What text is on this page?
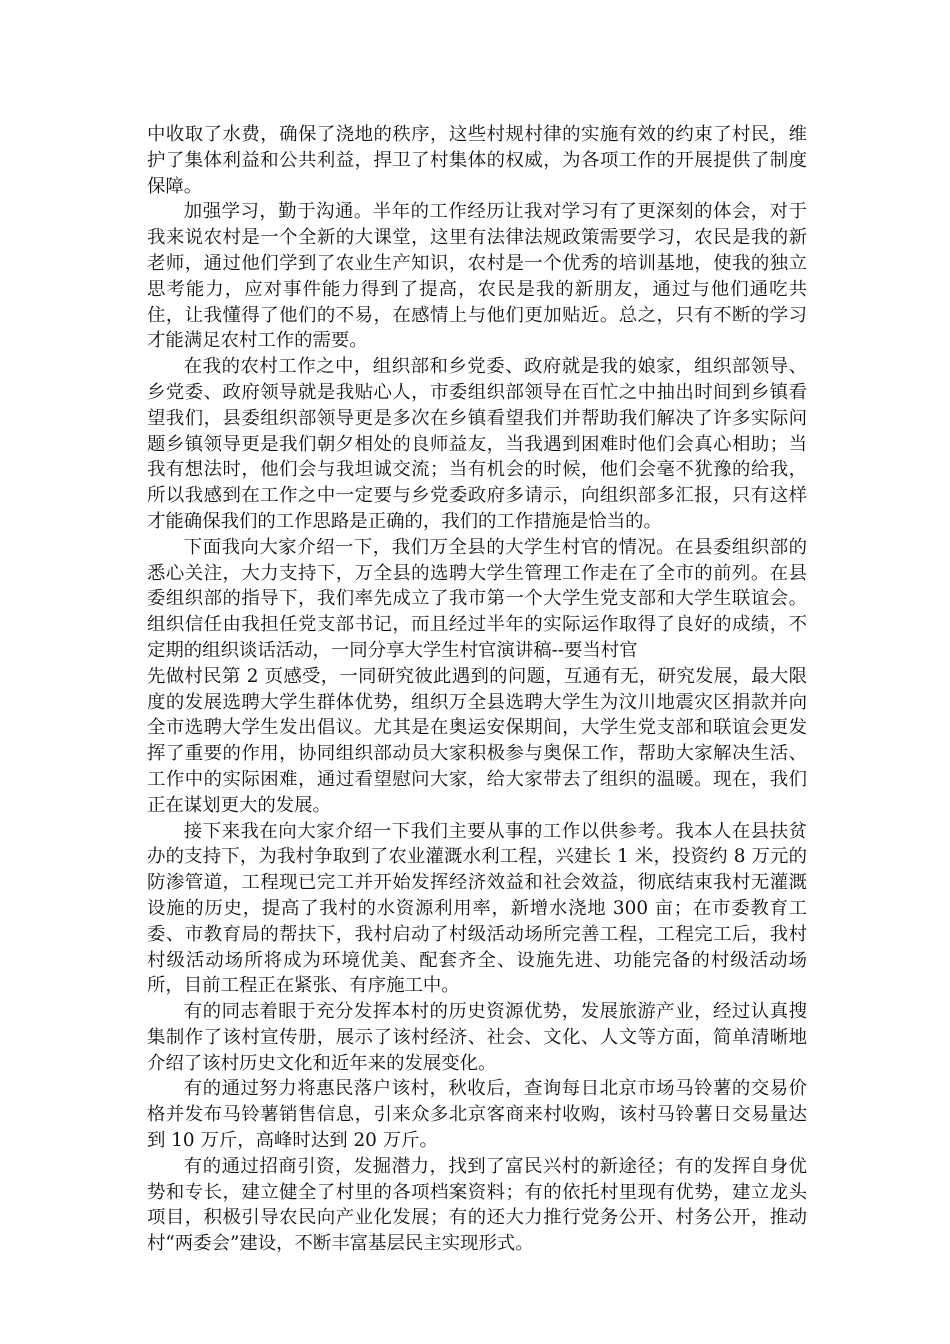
中收取了水费，确保了浇地的秩序，这些村规村律的实施有效的约束了村民，维护了集体利益和公共利益，捍卫了村集体的权威，为各项工作的开展提供了制度保障。

加强学习，勤于沟通。半年的工作经历让我对学习有了更深刻的体会，对于我来说农村是一个全新的大课堂，这里有法律法规政策需要学习，农民是我的新老师，通过他们学到了农业生产知识，农村是一个优秀的培训基地，使我的独立思考能力，应对事件能力得到了提高，农民是我的新朋友，通过与他们通吃共住，让我懂得了他们的不易，在感情上与他们更加贴近。总之，只有不断的学习才能满足农村工作的需要。

在我的农村工作之中，组织部和乡党委、政府就是我的娘家，组织部领导、乡党委、政府领导就是我贴心人，市委组织部领导在百忙之中抽出时间到乡镇看望我们，县委组织部领导更是多次在乡镇看望我们并帮助我们解决了许多实际问题乡镇领导更是我们朝夕相处的良师益友，当我遇到困难时他们会真心相助；当我有想法时，他们会与我坦诚交流；当有机会的时候，他们会毫不犹豫的给我，所以我感到在工作之中一定要与乡党委政府多请示，向组织部多汇报，只有这样才能确保我们的工作思路是正确的，我们的工作措施是恰当的。

下面我向大家介绍一下，我们万全县的大学生村官的情况。在县委组织部的悉心关注，大力支持下，万全县的选聘大学生管理工作走在了全市的前列。在县委组织部的指导下，我们率先成立了我市第一个大学生党支部和大学生联谊会。组织信任由我担任党支部书记，而且经过半年的实际运作取得了良好的成绩，不定期的组织谈话活动，一同分享大学生村官演讲稿--要当村官

先做村民第 2 页感受，一同研究彼此遇到的问题，互通有无，研究发展，最大限度的发展选聘大学生群体优势，组织万全县选聘大学生为汶川地震灾区捐款并向全市选聘大学生发出倡议。尤其是在奥运安保期间，大学生党支部和联谊会更发挥了重要的作用，协同组织部动员大家积极参与奥保工作，帮助大家解决生活、工作中的实际困难，通过看望慰问大家，给大家带去了组织的温暖。现在，我们正在谋划更大的发展。

接下来我在向大家介绍一下我们主要从事的工作以供参考。我本人在县扶贫办的支持下，为我村争取到了农业灌溉水利工程，兴建长 1 米，投资约 8 万元的防渗管道，工程现已完工并开始发挥经济效益和社会效益，彻底结束我村无灌溉设施的历史，提高了我村的水资源利用率，新增水浇地 300 亩；在市委教育工委、市教育局的帮扶下，我村启动了村级活动场所完善工程，工程完工后，我村村级活动场所将成为环境优美、配套齐全、设施先进、功能完备的村级活动场所，目前工程正在紧张、有序施工中。

有的同志着眼于充分发挥本村的历史资源优势，发展旅游产业，经过认真搜集制作了该村宣传册，展示了该村经济、社会、文化、人文等方面，简单清晰地介绍了该村历史文化和近年来的发展变化。

有的通过努力将惠民落户该村，秋收后，查询每日北京市场马铃薯的交易价格并发布马铃薯销售信息，引来众多北京客商来村收购，该村马铃薯日交易量达到 10 万斤，高峰时达到 20 万斤。

有的通过招商引资，发掘潜力，找到了富民兴村的新途径；有的发挥自身优势和专长，建立健全了村里的各项档案资料；有的依托村里现有优势，建立龙头项目，积极引导农民向产业化发展；有的还大力推行党务公开、村务公开，推动村“两委会”建设，不断丰富基层民主实现形式。
